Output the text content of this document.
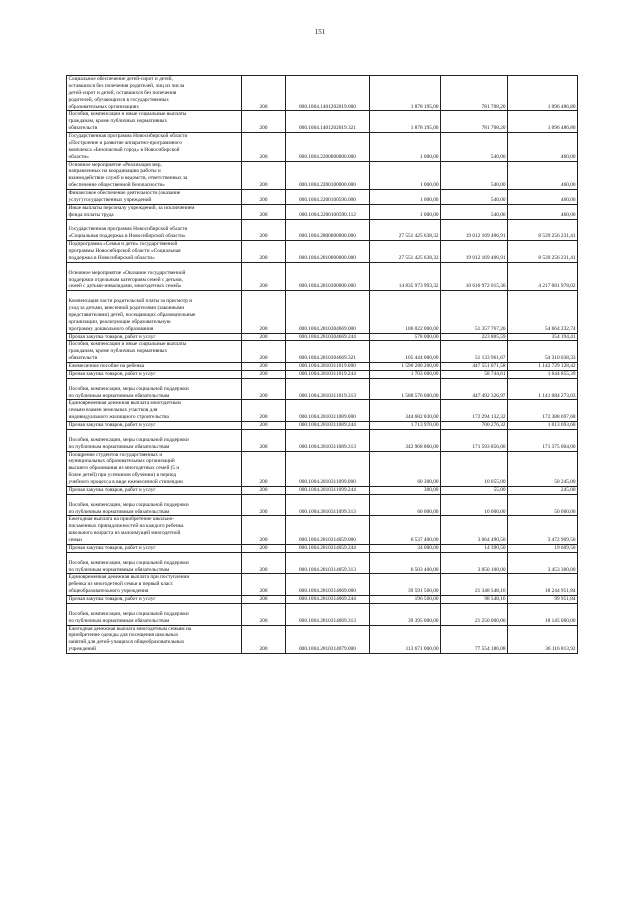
151
Социальное обеспечение детей-сирот и детей,
оставшихся без попечения родителей, лиц из числа
детей-сирот и детей, оставшихся без попечения
родителей, обучающихся в государственных
образовательных организациях	200	000.1004.1401202019.000	1 878 195,00	781 708,20	1 096 486,80
Пособия, компенсации и иные социальные выплаты
гражданам, кроме публичных нормативных
обязательств	200	000.1004.1401202019.321	1 878 195,00	781 708,20	1 096 486,80
Государственная программа Новосибирской области
«Построение и развитие аппаратно-программного
комплекса «Безопасный город» в Новосибирской
области»	200	000.1004.2200000000.000	1 000,00	540,00	460,00
Основное мероприятие «Реализация мер,
направленных на координацию работы и
взаимодействие служб и ведомств, ответственных за
обеспечение общественной безопасности»	200	000.1004.2200100000.000	1 000,00	540,00	460,00
Финансовое обеспечение деятельности (оказание
услуг) государственных учреждений	200	000.1004.2200100590.000	1 000,00	540,00	460,00
Иные выплаты персоналу учреждений, за исключением
фонда оплаты труда	200	000.1004.2200100590.112	1 000,00	540,00	460,00

Государственная программа Новосибирской области
«Социальная поддержка в Новосибирской области»	200	000.1004.2800000000.000	27 551 425 638,32	19 012 169 406,91	8 539 256 231,41
Подпрограмма «Семья и дети» государственной
программы Новосибирской области «Социальная
поддержка в Новосибирской области»	200	000.1004.2810000000.000	27 551 425 638,32	19 012 169 406,91	8 539 256 231,41

Основное мероприятие «Оказание государственной
поддержки отдельным категориям семей с детьми,
семей с детьми-инвалидами, многодетных семей»	200	000.1004.2810300000.000	14 835 973 993,32	10 616 972 015,30	4 217 001 978,02

Компенсация части родительской платы за присмотр и
уход за детьми, внесенной родителями (законными
представителями) детей, посещающих образовательные
организации, реализующие образовательную
программу дошкольного образования	200	000.1004.2810304669.000	106 022 000,00	51 357 767,26	54 664 232,74
Прочая закупка товаров, работ и услуг	200	000.1004.2810304669.244	578 000,00	223 805,59	354 194,41
Пособия, компенсации и иные социальные выплаты
гражданам, кроме публичных нормативных
обязательств	200	000.1004.2810304669.321	105 444 000,00	51 133 961,67	54 310 038,33
Ежемесячное пособие на ребенка	200	000.1004.2810311019.000	1 590 280 200,00	447 551 071,58	1 142 729 128,42
Прочая закупка товаров, работ и услуг	200	000.1004.2810311019.244	1 703 600,00	58 744,61	1 644 855,39

Пособия, компенсации, меры социальной поддержки
по публичным нормативным обязательствам	200	000.1004.2810311019.313	1 588 576 600,00	447 492 326,97	1 141 084 273,03
Единовременная денежная выплата многодетным
семьям взамен земельных участков для
индивидуального жилищного строительства	200	000.1004.2810311089.000	344 682 830,00	172 294 132,32	172 388 697,68
Прочая закупка товаров, работ и услуг	200	000.1004.2810311089.244	1 713 970,00	700 276,32	1 013 693,68

Пособия, компенсации, меры социальной поддержки
по публичным нормативным обязательствам	200	000.1004.2810311089.313	342 968 860,00	171 593 856,00	171 375 004,00
Поощрение студентов государственных и
муниципальных образовательных организаций
высшего образования из многодетных семей (5 и
более детей) при успешном обучении) в период
учебного процесса в виде ежемесячной стипендии	200	000.1004.2810311099.000	60 300,00	10 055,00	50 245,00
Прочая закупка товаров, работ и услуг	200	000.1004.2810311099.244	300,00	55,00	245,00

Пособия, компенсации, меры социальной поддержки
по публичным нормативным обязательствам	200	000.1004.2810311099.313	60 000,00	10 000,00	50 000,00
Ежегодная выплата на приобретение школьно-
письменных принадлежностей на каждого ребенка
школьного возраста из малоимущей многодетной
семьи	200	000.1004.2810314059.000	6 537 400,00	3 064 490,50	3 472 909,50
Прочая закупка товаров, работ и услуг	200	000.1004.2810314059.244	34 000,00	14 390,50	19 609,50

Пособия, компенсации, меры социальной поддержки
по публичным нормативным обязательствам	200	000.1004.2810314059.313	6 503 400,00	3 050 100,00	3 453 300,00
Единовременная денежная выплата при поступлении
ребенка из многодетной семьи в первый класс
общеобразовательного учреждения	200	000.1004.2810314069.000	39 591 500,00	21 348 548,16	18 244 951,84
Прочая закупка товаров, работ и услуг	200	000.1004.2810314069.244	196 500,00	98 548,16	99 951,84

Пособия, компенсации, меры социальной поддержки
по публичным нормативным обязательствам	200	000.1004.2810314069.313	39 395 000,00	21 250 000,00	18 145 000,00
Ежегодная денежная выплата многодетным семьям на
приобретение одежды для посещения школьных
занятий для детей-учащихся общеобразовательных
учреждений	200	000.1004.2810314079.000	113 671 000,00	77 554 186,08	36 116 813,92
